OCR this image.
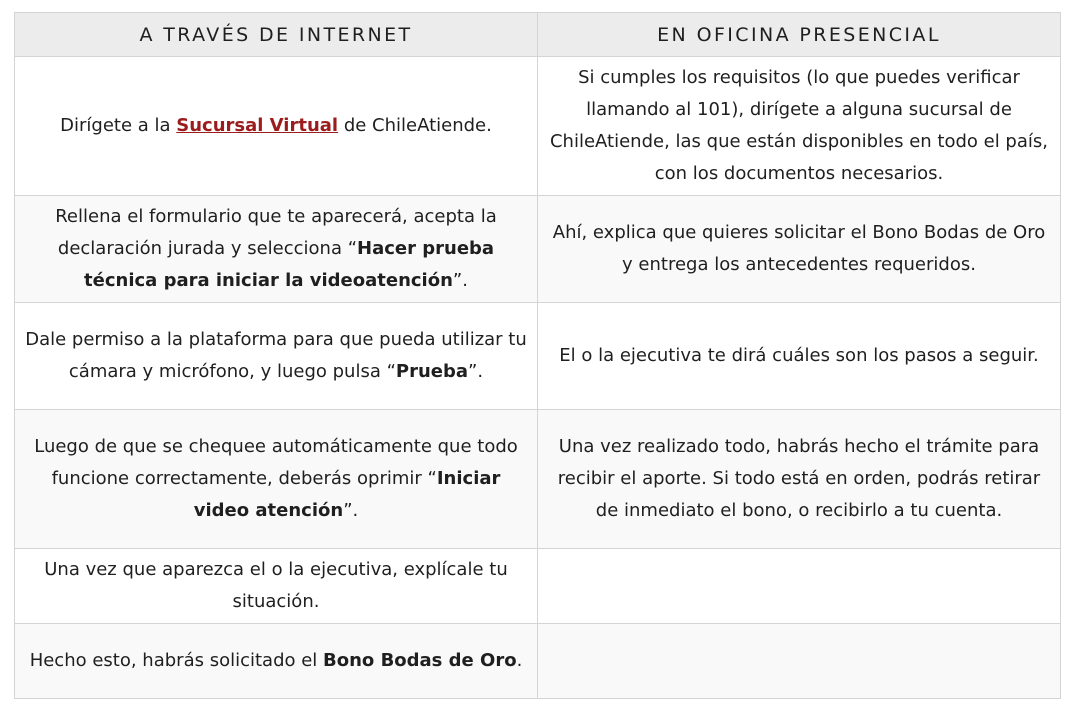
A TRAVÉS DE INTERNET	EN OFICINA PRESENCIAL
Dirígete a la Sucursal Virtual de ChileAtiende.	Si cumples los requisitos (lo que puedes verificar llamando al 101), dirígete a alguna sucursal de ChileAtiende, las que están disponibles en todo el país, con los documentos necesarios.
Rellena el formulario que te aparecerá, acepta la declaración jurada y selecciona “Hacer prueba técnica para iniciar la videoatención”.	Ahí, explica que quieres solicitar el Bono Bodas de Oro y entrega los antecedentes requeridos.
Dale permiso a la plataforma para que pueda utilizar tu cámara y micrófono, y luego pulsa “Prueba”.	El o la ejecutiva te dirá cuáles son los pasos a seguir.
Luego de que se chequee automáticamente que todo funcione correctamente, deberás oprimir “Iniciar video atención”.	Una vez realizado todo, habrás hecho el trámite para recibir el aporte. Si todo está en orden, podrás retirar de inmediato el bono, o recibirlo a tu cuenta.
Una vez que aparezca el o la ejecutiva, explícale tu situación.	
Hecho esto, habrás solicitado el Bono Bodas de Oro.	
